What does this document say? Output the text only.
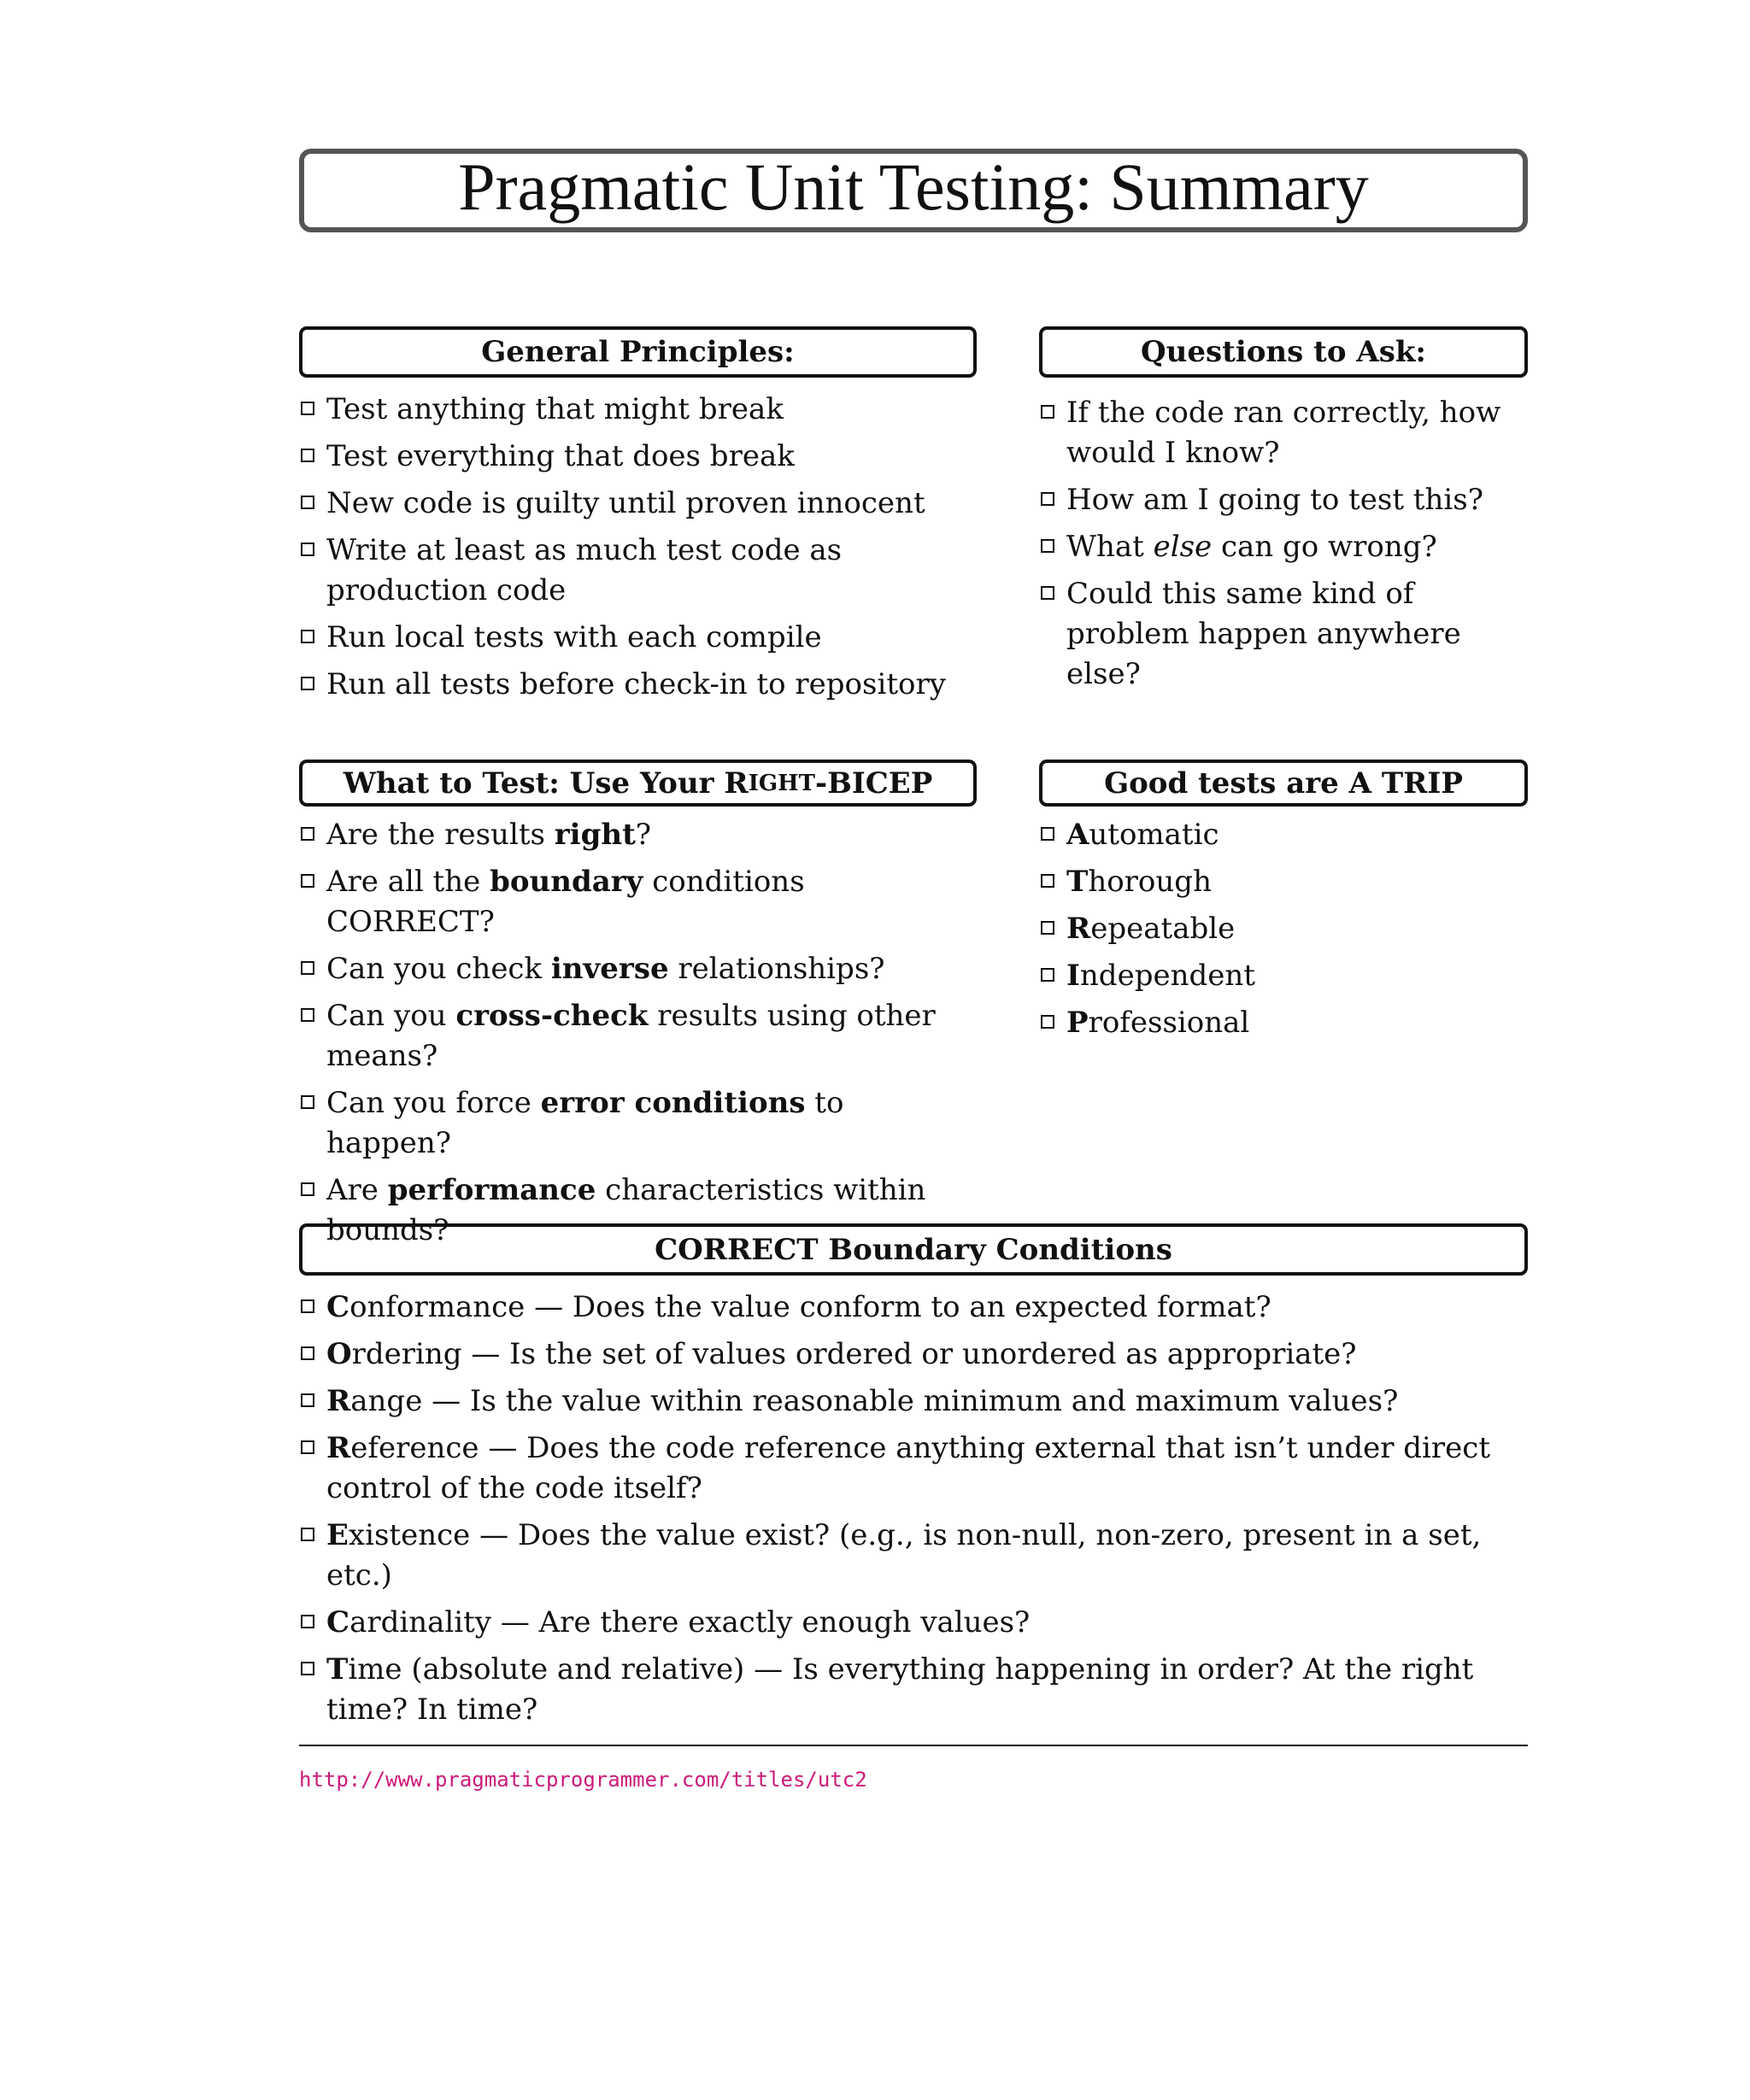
Pragmatic Unit Testing: Summary
General Principles:
Test anything that might break
Test everything that does break
New code is guilty until proven innocent
Write at least as much test code as production code
Run local tests with each compile
Run all tests before check-in to repository
Questions to Ask:
If the code ran correctly, how would I know?
How am I going to test this?
What else can go wrong?
Could this same kind of problem happen anywhere else?
What to Test: Use Your R IGHT -BICEP
Are the results right?
Are all the boundary conditions CORRECT?
Can you check inverse relationships?
Can you cross-check results using other means?
Can you force error conditions to happen?
Are performance characteristics within bounds?
Good tests are A TRIP
Automatic
Thorough
Repeatable
Independent
Professional
CORRECT Boundary Conditions
Conformance — Does the value conform to an expected format?
Ordering — Is the set of values ordered or unordered as appropriate?
Range — Is the value within reasonable minimum and maximum values?
Reference — Does the code reference anything external that isn’t under direct control of the code itself?
Existence — Does the value exist? (e.g., is non-null, non-zero, present in a set, etc.)
Cardinality — Are there exactly enough values?
Time (absolute and relative) — Is everything happening in order? At the right time? In time?
http://www.pragmaticprogrammer.com/titles/utc2
